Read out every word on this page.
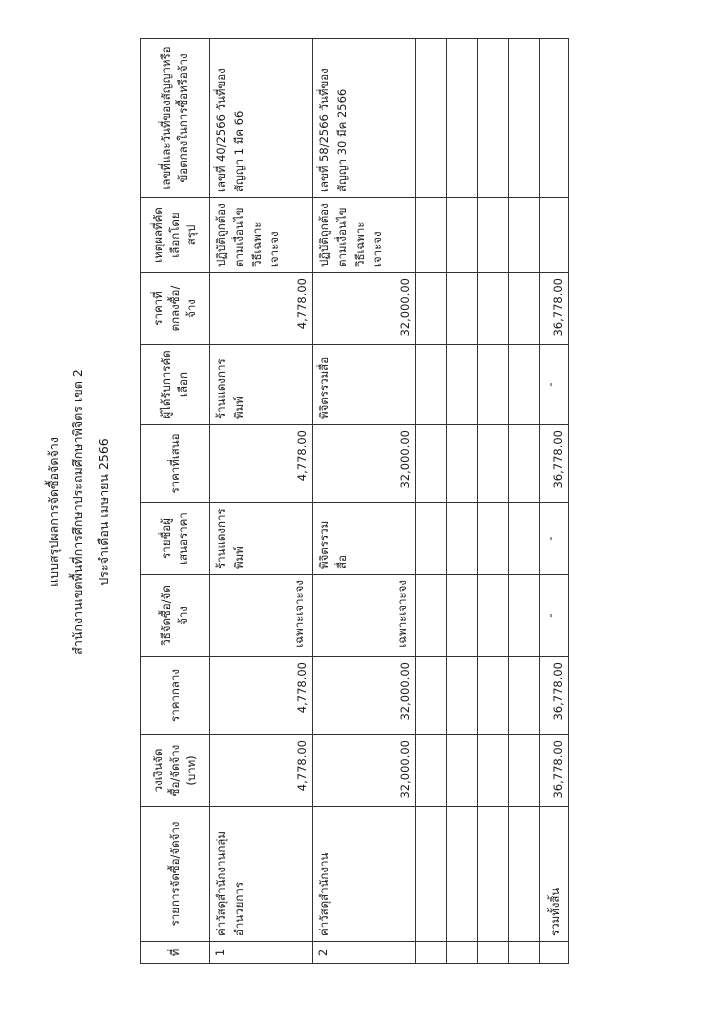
แบบสรุปผลการจัดซื้อจัดจ้าง สำนักงานเขตพื้นที่การศึกษาประถมศึกษาพิจิตร เขต 2 ประจำเดือน เมษายน 2566
ที่	รายการจัดซื้อ/จัดจ้าง	วงเงินจัดซื้อ/จัดจ้าง (บาท)	ราคากลาง	วิธีจัดซื้อ/จัดจ้าง	รายชื่อผู้เสนอราคา	ราคาที่เสนอ	ผู้ได้รับการคัดเลือก	ราคาที่ตกลงซื้อ/จ้าง	เหตุผลที่คัดเลือกโดยสรุป	เลขที่และวันที่ของสัญญาหรือข้อตกลงในการซื้อหรือจ้าง
1	ค่าวัสดุสำนักงานกลุ่มอำนวยการ	4,778.00	4,778.00	เฉพาะเจาะจง	ร้านแดงการพิมพ์	4,778.00	ร้านแดงการพิมพ์	4,778.00	ปฏิบัติถูกต้องตามเงื่อนไขวิธีเฉพาะเจาะจง	เลขที่ 40/2566 วันที่ของสัญญา 1 มีค 66
2	ค่าวัสดุสำนักงาน	32,000.00	32,000.00	เฉพาะเจาะจง	พิจิตรรวมสื่อ	32,000.00	พิจิตรรวมสื่อ	32,000.00	ปฏิบัติถูกต้องตามเงื่อนไขวิธีเฉพาะเจาะจง	เลขที่ 58/2566 วันที่ของสัญญา 30 มีค 2566

	รวมทั้งสิ้น	36,778.00	36,778.00	-	-	36,778.00	-	36,778.00		
